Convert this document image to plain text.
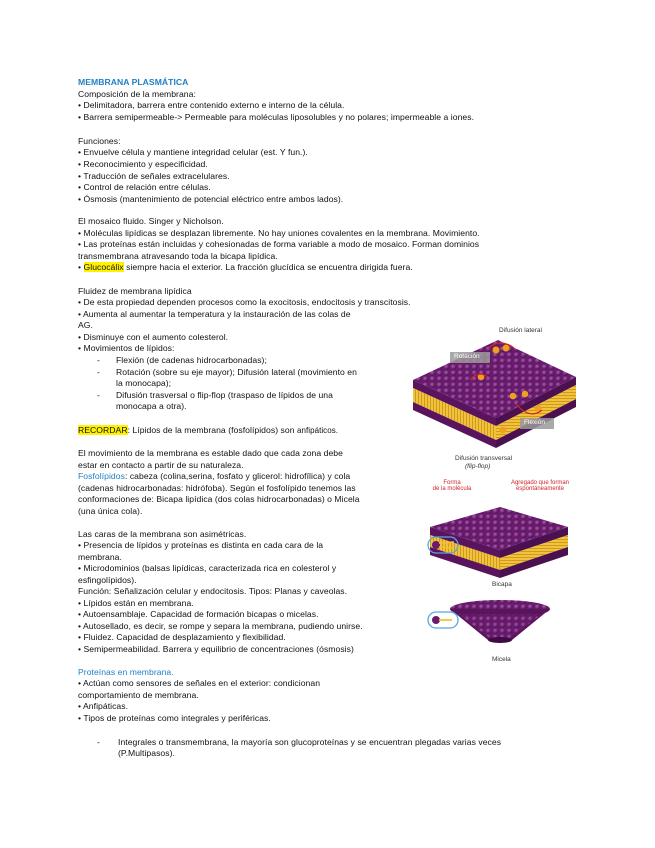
MEMBRANA PLASMÁTICA
Composición de la membrana:
• Delimitadora, barrera entre contenido externo e interno de la célula.
• Barrera semipermeable-> Permeable para moléculas liposolubles y no polares; impermeable a iones.
Funciones:
• Envuelve célula y mantiene integridad celular (est. Y fun.).
• Reconocimiento y especificidad.
• Traducción de señales extracelulares.
• Control de relación entre células.
• Ósmosis (mantenimiento de potencial eléctrico entre ambos lados).
El mosaico fluido. Singer y Nicholson.
• Moléculas lipídicas se desplazan libremente. No hay uniones covalentes en la membrana. Movimiento.
• Las proteínas están incluidas y cohesionadas de forma variable a modo de mosaico. Forman dominios
transmembrana atravesando toda la bicapa lipídica.
• Glucocálix siempre hacia el exterior. La fracción glucídica se encuentra dirigida fuera.
Fluidez de membrana lipídica
• De esta propiedad dependen procesos como la exocitosis, endocitosis y transcitosis.
• Aumenta al aumentar la temperatura y la instauración de las colas de
AG.
• Disminuye con el aumento colesterol.
• Movimientos de lípidos:
- Flexión (de cadenas hidrocarbonadas);
- Rotación (sobre su eje mayor); Difusión lateral (movimiento en
la monocapa);
- Difusión trasversal o flip-flop (traspaso de lípidos de una
monocapa a otra).
RECORDAR: Lípidos de la membrana (fosfolípidos) son anfipáticos.
El movimiento de la membrana es estable dado que cada zona debe
estar en contacto a partir de su naturaleza.
Fosfolípidos: cabeza (colina,serina, fosfato y glicerol: hidrofílica) y cola
(cadenas hidrocarbonadas: hidrófoba). Según el fosfolípido tenemos las
conformaciones de: Bicapa lipídica (dos colas hidrocarbonadas) o Micela
(una única cola).
Las caras de la membrana son asimétricas.
• Presencia de lípidos y proteínas es distinta en cada cara de la
membrana.
• Microdominios (balsas lipídicas, caracterizada rica en colesterol y
esfingolípidos).
Función: Señalización celular y endocitosis. Tipos: Planas y caveolas.
• Lípidos están en membrana.
• Autoensamblaje. Capacidad de formación bicapas o micelas.
• Autosellado, es decir, se rompe y separa la membrana, pudiendo unirse.
• Fluidez. Capacidad de desplazamiento y flexibilidad.
• Semipermeabilidad. Barrera y equilibrio de concentraciones (ósmosis)
Proteínas en membrana.
• Actúan como sensores de señales en el exterior: condicionan
comportamiento de membrana.
• Anfipáticas.
• Tipos de proteínas como integrales y periféricas.
- Integrales o transmembrana, la mayoría son glucoproteínas y se encuentran plegadas varias veces
(P.Multipasos).
Difusión lateral
Rotación
Flexión
Difusión transversal
(flip-flop)
Forma
de la molécula
Agregado que forman
espontáneamente
Bicapa
Micela
